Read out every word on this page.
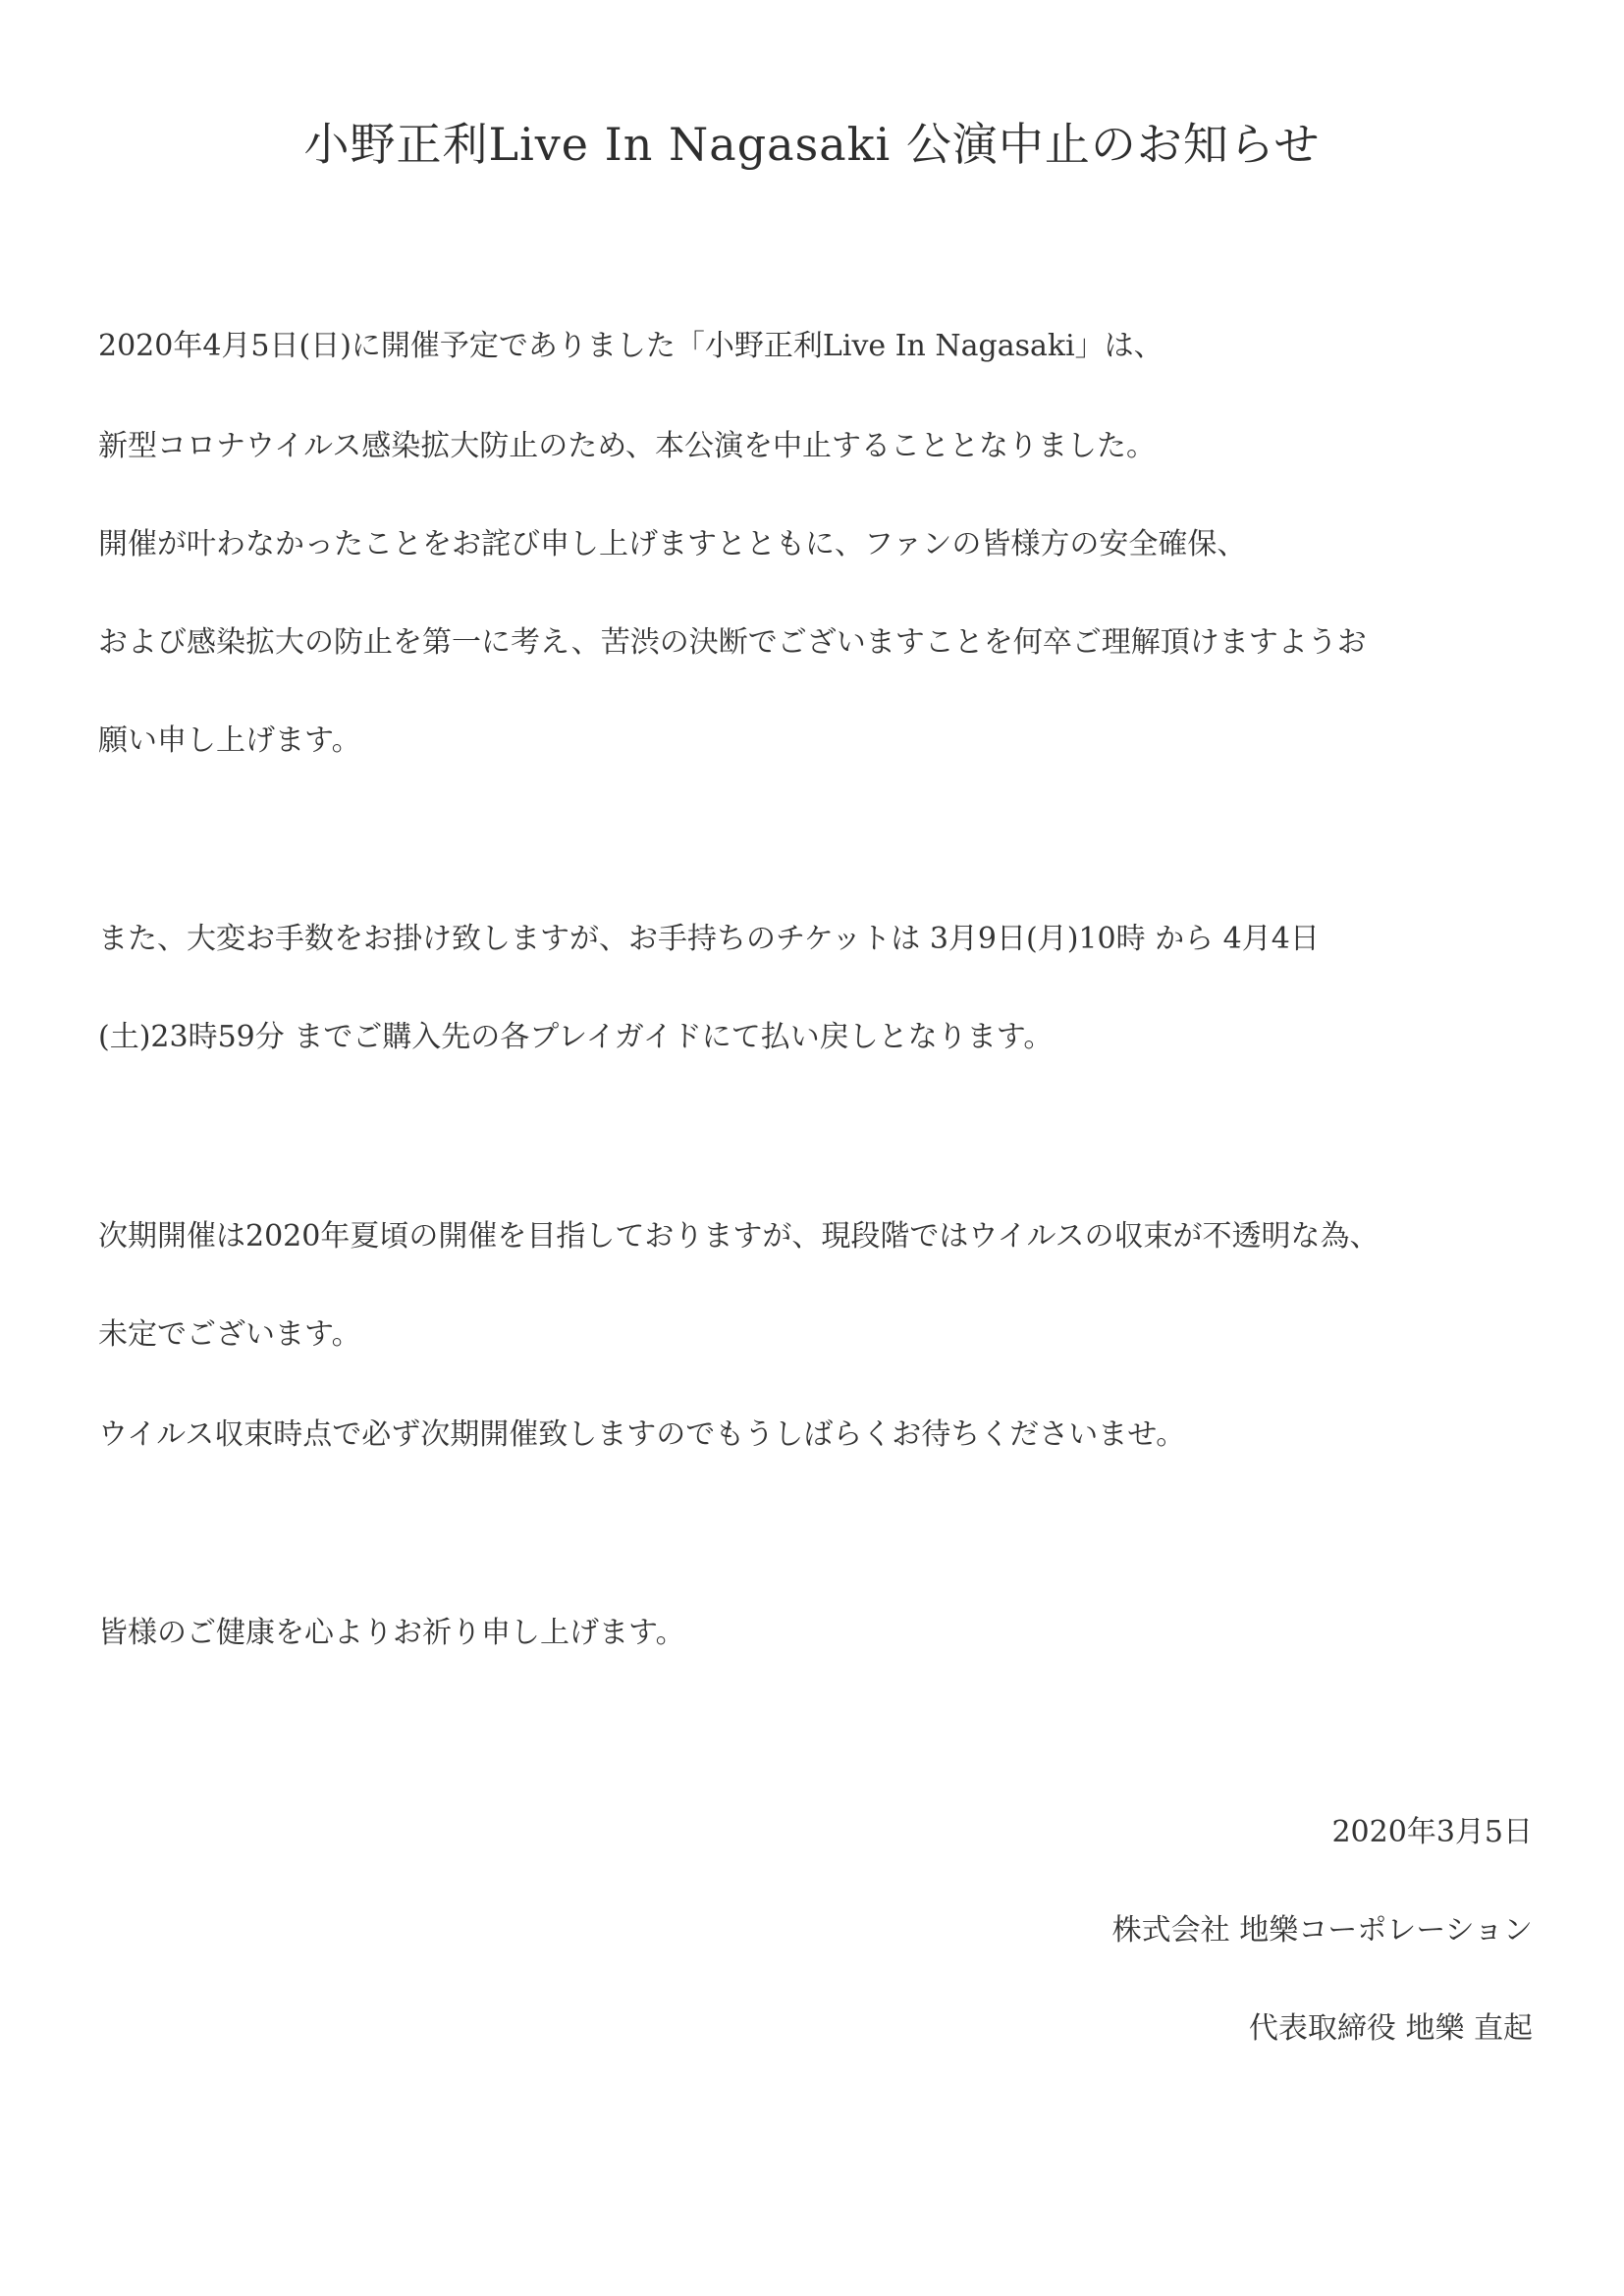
小野正利Live In Nagasaki 公演中止のお知らせ

2020年4月5日(日)に開催予定でありました「小野正利Live In Nagasaki」は、

新型コロナウイルス感染拡大防止のため、本公演を中止することとなりました。

開催が叶わなかったことをお詫び申し上げますとともに、ファンの皆様方の安全確保、

および感染拡大の防止を第一に考え、苦渋の決断でございますことを何卒ご理解頂けますようお

願い申し上げます。

また、大変お手数をお掛け致しますが、お手持ちのチケットは 3月9日(月)10時 から 4月4日

(土)23時59分 までご購入先の各プレイガイドにて払い戻しとなります。

次期開催は2020年夏頃の開催を目指しておりますが、現段階ではウイルスの収束が不透明な為、

未定でございます。

ウイルス収束時点で必ず次期開催致しますのでもうしばらくお待ちくださいませ。

皆様のご健康を心よりお祈り申し上げます。

2020年3月5日

株式会社 地樂コーポレーション

代表取締役 地樂 直起
